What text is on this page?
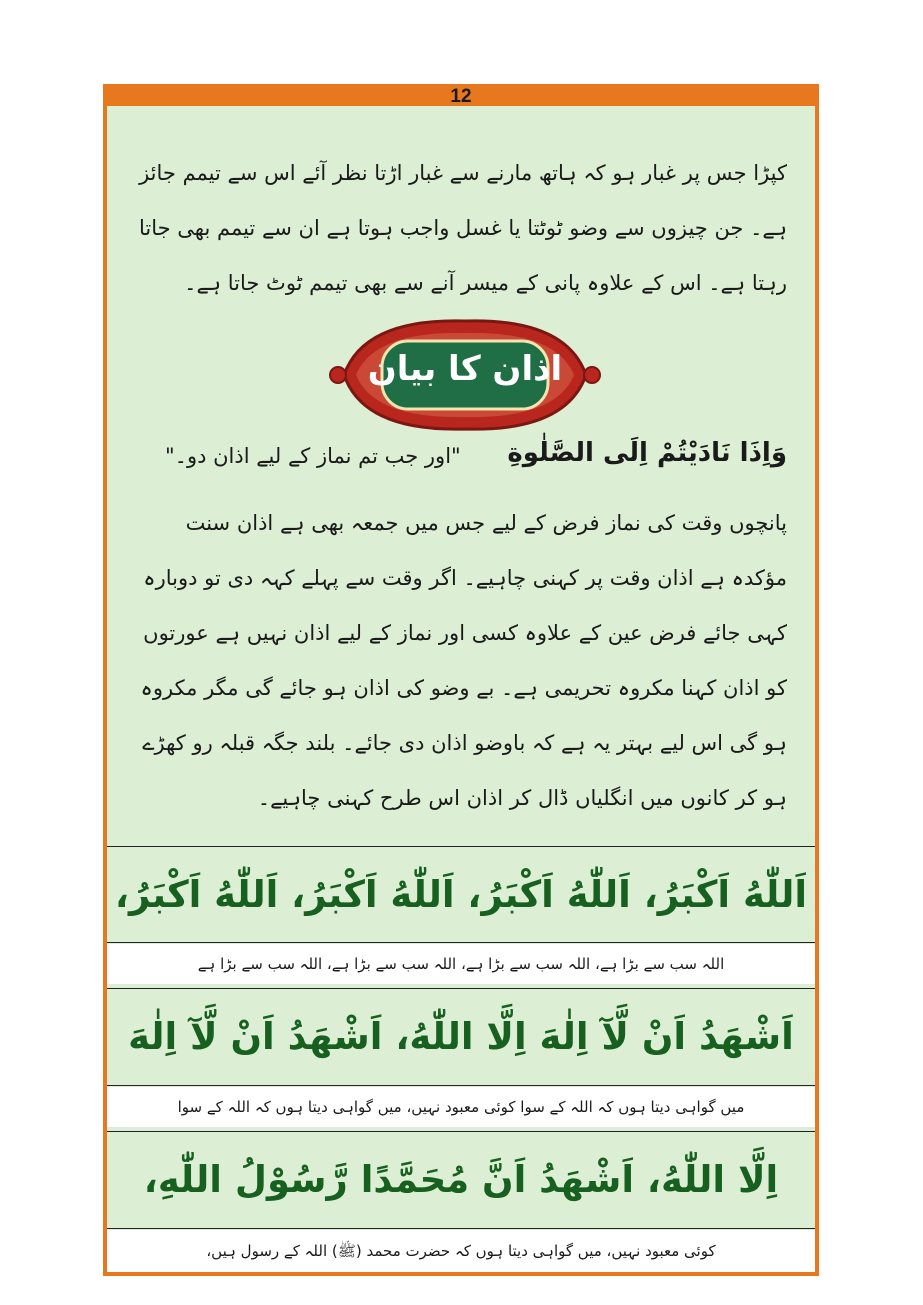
12
کپڑا جس پر غبار ہو کہ ہاتھ مارنے سے غبار اڑتا نظر آئے اس سے تیمم جائز ہے۔ جن چیزوں سے وضو ٹوٹتا یا غسل واجب ہوتا ہے ان سے تیمم بھی جاتا رہتا ہے۔ اس کے علاوہ پانی کے میسر آنے سے بھی تیمم ٹوٹ جاتا ہے۔
اذان کا بیان
وَاِذَا نَادَيْتُمْ اِلَى الصَّلٰوةِ
"اور جب تم نماز کے لیے اذان دو۔"
پانچوں وقت کی نماز فرض کے لیے جس میں جمعہ بھی ہے اذان سنت مؤکدہ ہے اذان وقت پر کہنی چاہیے۔ اگر وقت سے پہلے کہہ دی تو دوبارہ کہی جائے فرض عین کے علاوہ کسی اور نماز کے لیے اذان نہیں ہے عورتوں کو اذان کہنا مکروہ تحریمی ہے۔ بے وضو کی اذان ہو جائے گی مگر مکروہ ہو گی اس لیے بہتر یہ ہے کہ باوضو اذان دی جائے۔ بلند جگہ قبلہ رو کھڑے ہو کر کانوں میں انگلیاں ڈال کر اذان اس طرح کہنی چاہیے۔
اَللّٰهُ اَكْبَرُ، اَللّٰهُ اَكْبَرُ، اَللّٰهُ اَكْبَرُ، اَللّٰهُ اَكْبَرُ،
اللہ سب سے بڑا ہے، اللہ سب سے بڑا ہے، اللہ سب سے بڑا ہے، اللہ سب سے بڑا ہے
اَشْهَدُ اَنْ لَّآ اِلٰهَ اِلَّا اللّٰهُ، اَشْهَدُ اَنْ لَّآ اِلٰهَ
میں گواہی دیتا ہوں کہ اللہ کے سوا کوئی معبود نہیں، میں گواہی دیتا ہوں کہ اللہ کے سوا
اِلَّا اللّٰهُ، اَشْهَدُ اَنَّ مُحَمَّدًا رَّسُوْلُ اللّٰهِ،
کوئی معبود نہیں، میں گواہی دیتا ہوں کہ حضرت محمد (ﷺ) اللہ کے رسول ہیں،
